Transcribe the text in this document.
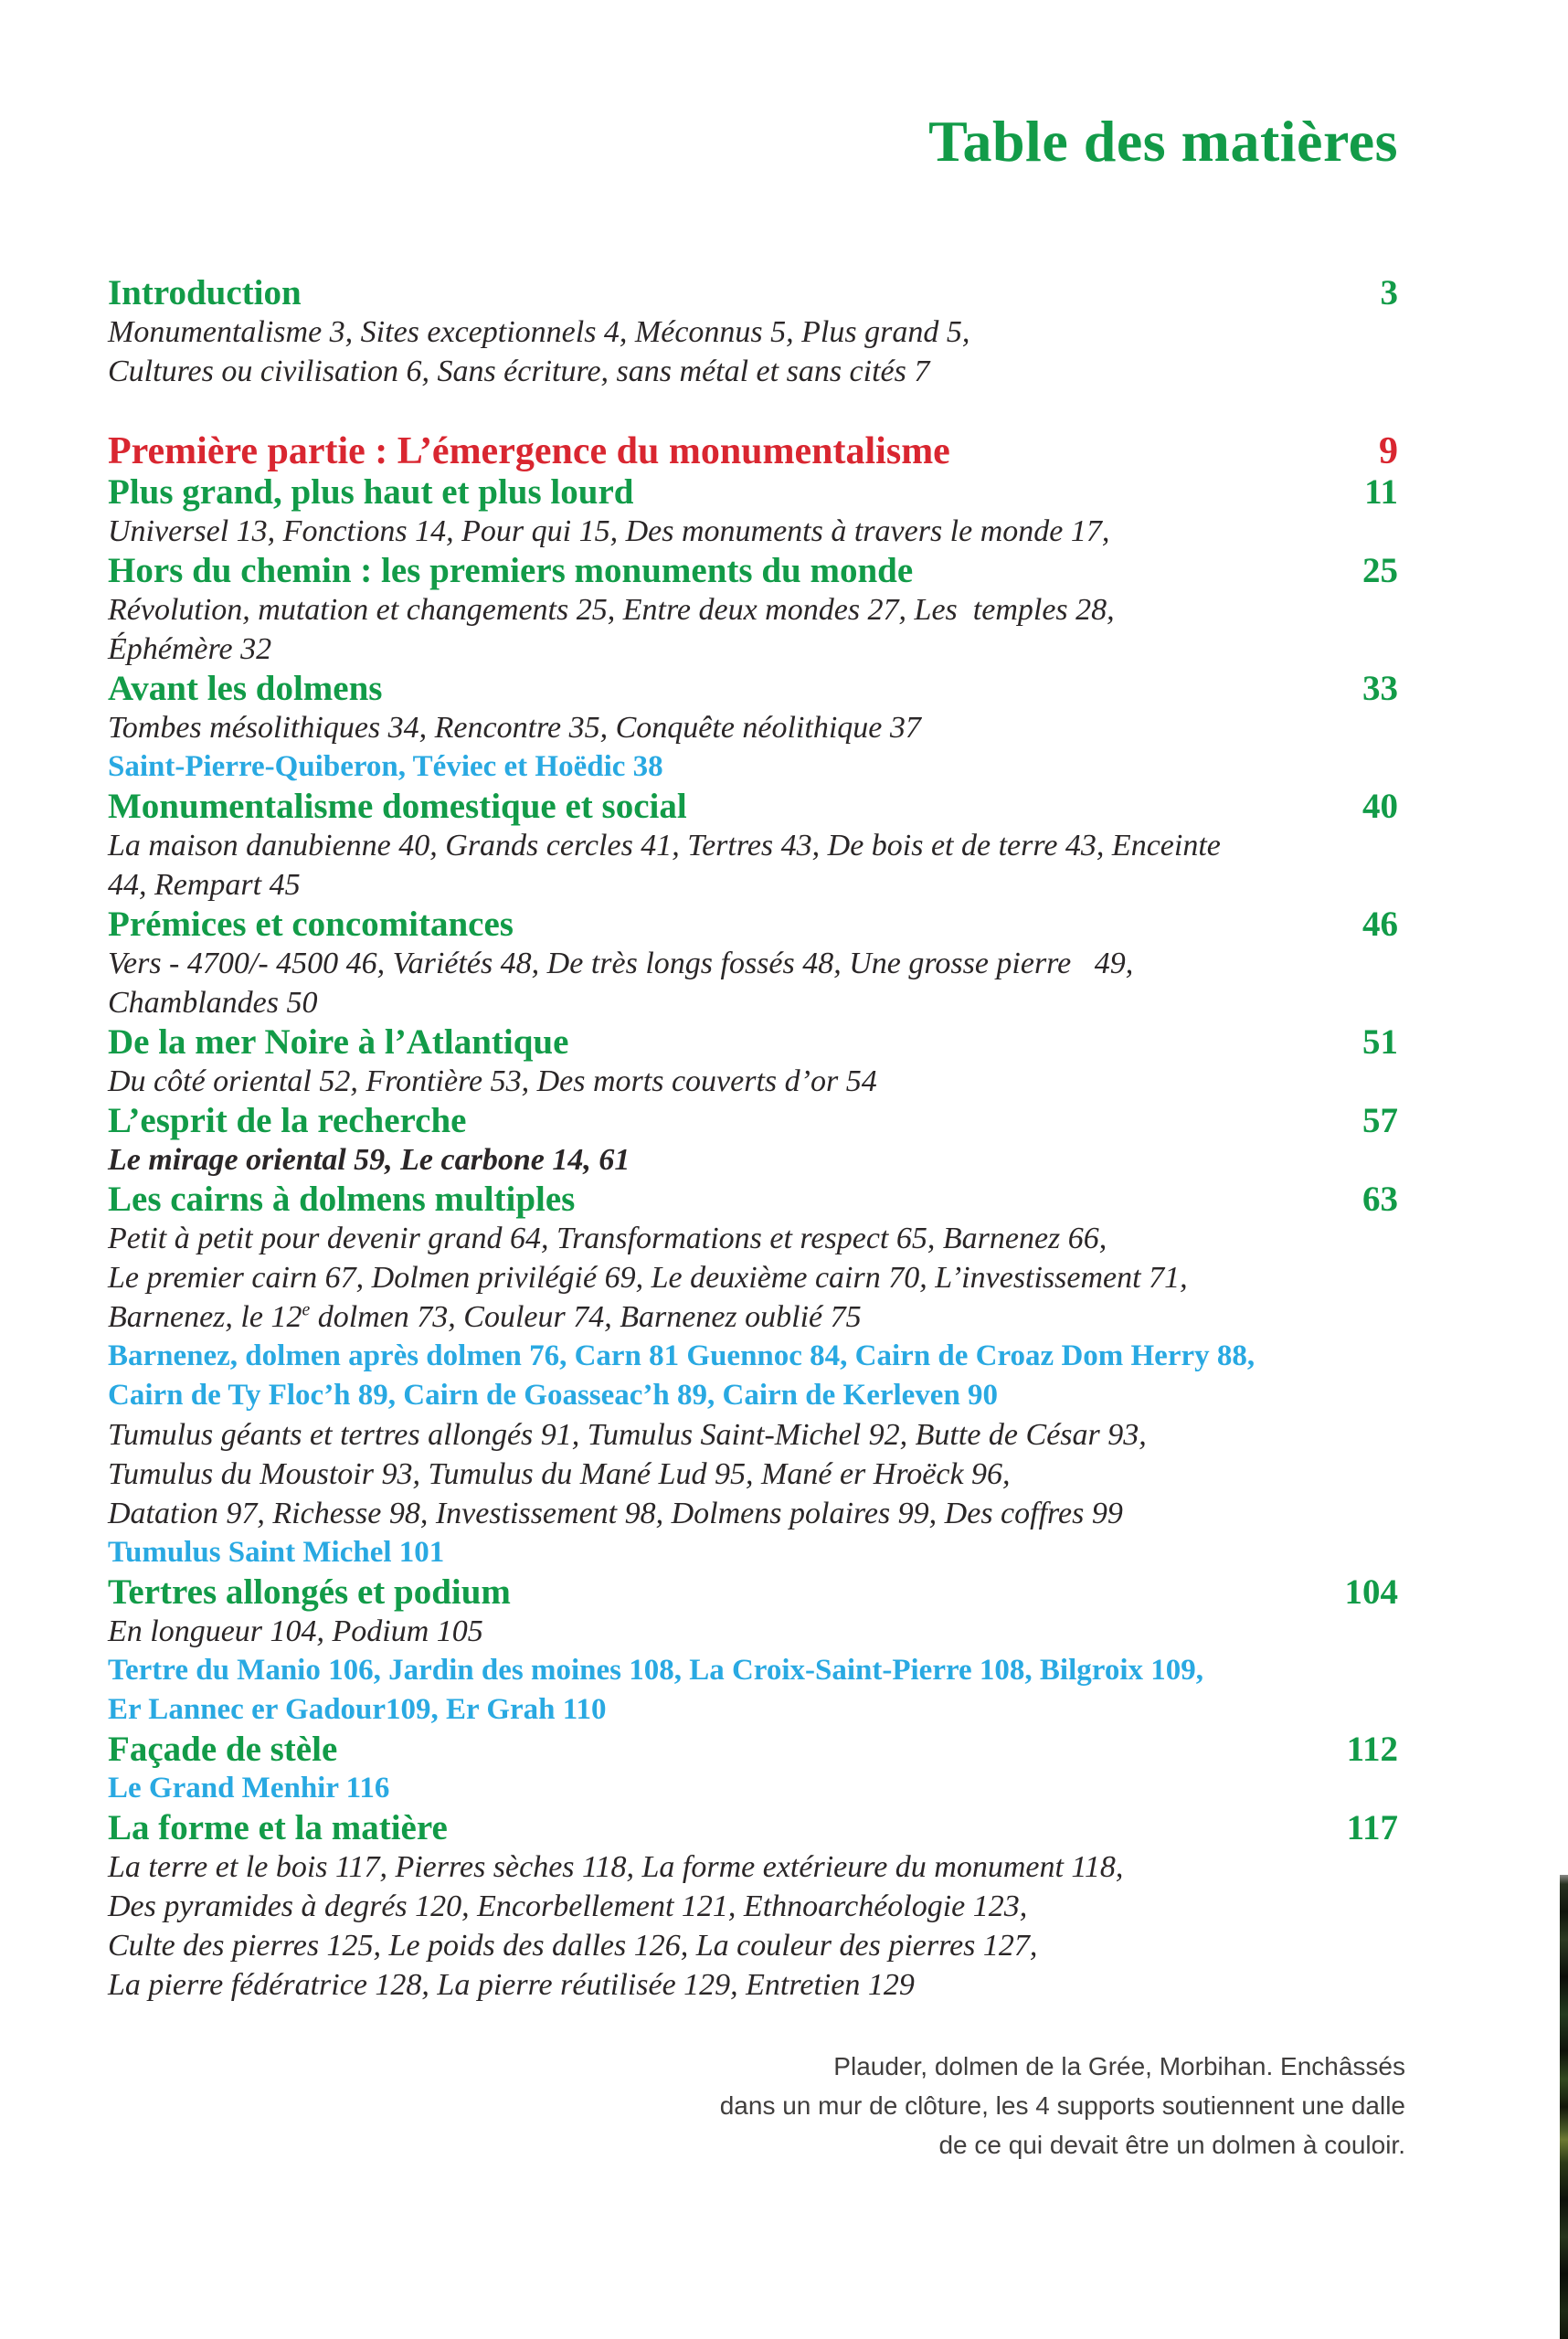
Table des matières
Introduction	3
Monumentalisme 3, Sites exceptionnels 4, Méconnus 5, Plus grand 5,
Cultures ou civilisation 6, Sans écriture, sans métal et sans cités 7
Première partie : L’émergence du monumentalisme	9
Plus grand, plus haut et plus lourd	11
Universel 13, Fonctions 14, Pour qui 15, Des monuments à travers le monde 17,
Hors du chemin : les premiers monuments du monde	25
Révolution, mutation et changements 25, Entre deux mondes 27, Les  temples 28,
Éphémère 32
Avant les dolmens	33
Tombes mésolithiques 34, Rencontre 35, Conquête néolithique 37
Saint-Pierre-Quiberon, Téviec et Hoëdic 38
Monumentalisme domestique et social	40
La maison danubienne 40, Grands cercles 41, Tertres 43, De bois et de terre 43, Enceinte
44, Rempart 45
Prémices et concomitances	46
Vers - 4700/- 4500 46, Variétés 48, De très longs fossés 48, Une grosse pierre   49,
Chamblandes 50
De la mer Noire à l’Atlantique	51
Du côté oriental 52, Frontière 53, Des morts couverts d’or 54
L’esprit de la recherche	57
Le mirage oriental 59, Le carbone 14, 61
Les cairns à dolmens multiples	63
Petit à petit pour devenir grand 64, Transformations et respect 65, Barnenez 66,
Le premier cairn 67, Dolmen privilégié 69, Le deuxième cairn 70, L’investissement 71,
Barnenez, le 12e dolmen 73, Couleur 74, Barnenez oublié 75
Barnenez, dolmen après dolmen 76, Carn 81 Guennoc 84, Cairn de Croaz Dom Herry 88,
Cairn de Ty Floc’h 89, Cairn de Goasseac’h 89, Cairn de Kerleven 90
Tumulus géants et tertres allongés 91, Tumulus Saint-Michel 92, Butte de César 93,
Tumulus du Moustoir 93, Tumulus du Mané Lud 95, Mané er Hroëck 96,
Datation 97, Richesse 98, Investissement 98, Dolmens polaires 99, Des coffres 99
Tumulus Saint Michel 101
Tertres allongés et podium	104
En longueur 104, Podium 105
Tertre du Manio 106, Jardin des moines 108, La Croix-Saint-Pierre 108, Bilgroix 109,
Er Lannec er Gadour109, Er Grah 110
Façade de stèle	112
Le Grand Menhir 116
La forme et la matière	117
La terre et le bois 117, Pierres sèches 118, La forme extérieure du monument 118,
Des pyramides à degrés 120, Encorbellement 121, Ethnoarchéologie 123,
Culte des pierres 125, Le poids des dalles 126, La couleur des pierres 127,
La pierre fédératrice 128, La pierre réutilisée 129, Entretien 129
Plauder, dolmen de la Grée, Morbihan. Enchâssés
dans un mur de clôture, les 4 supports soutiennent une dalle
de ce qui devait être un dolmen à couloir.
